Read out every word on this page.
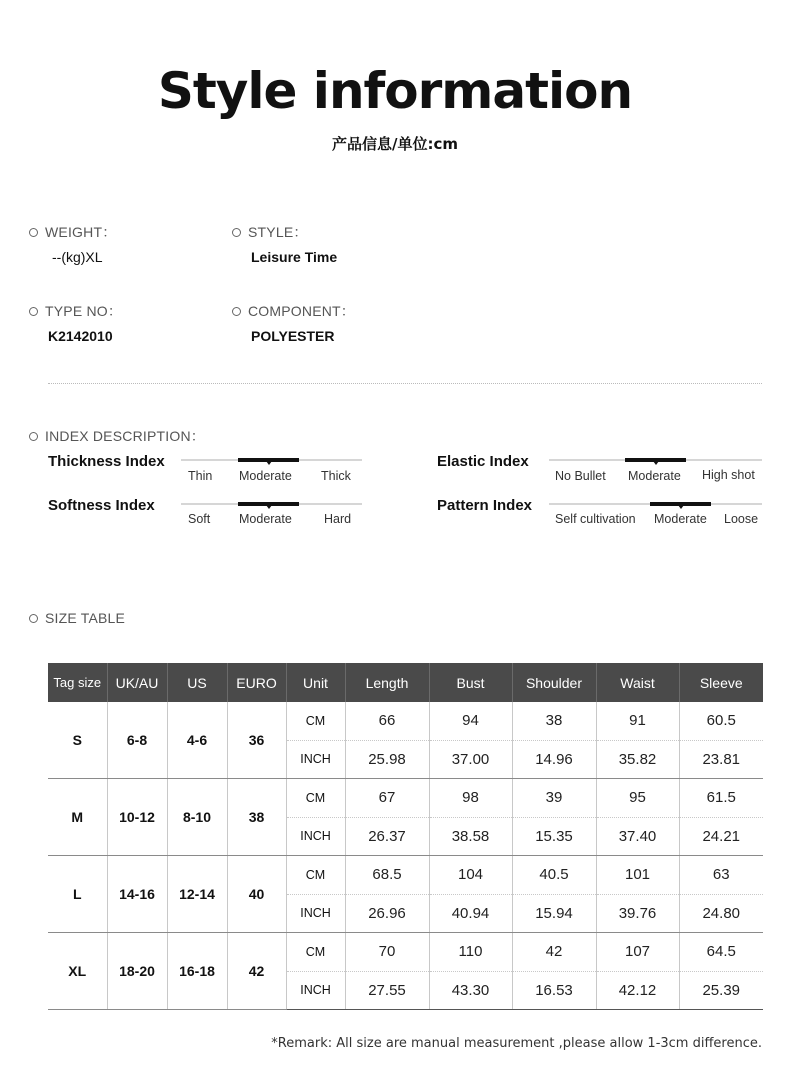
Style information
产品信息/单位:cm
WEIGHT：
--(kg)XL
STYLE：
Leisure Time
TYPE NO：
K2142010
COMPONENT：
POLYESTER
INDEX DESCRIPTION：
Thickness Index
Thin Moderate Thick
Softness Index
Soft Moderate	Hard
Elastic Index
No Bullet Moderate High shot
Pattern Index
Self cultivation Moderate Loose
SIZE TABLE
Tag size	UK/AU	US	EURO	Unit	Length	Bust	Shoulder	Waist	Sleeve
S	6-8	4-6	36	CM	66	94	38	91	60.5
				INCH	25.98	37.00	14.96	35.82	23.81
M	10-12	8-10	38	CM	67	98	39	95	61.5
				INCH	26.37	38.58	15.35	37.40	24.21
L	14-16	12-14	40	CM	68.5	104	40.5	101	63
				INCH	26.96	40.94	15.94	39.76	24.80
XL	18-20	16-18	42	CM	70	110	42	107	64.5
				INCH	27.55	43.30	16.53	42.12	25.39
*Remark: All size are manual measurement ,please allow 1-3cm difference.
